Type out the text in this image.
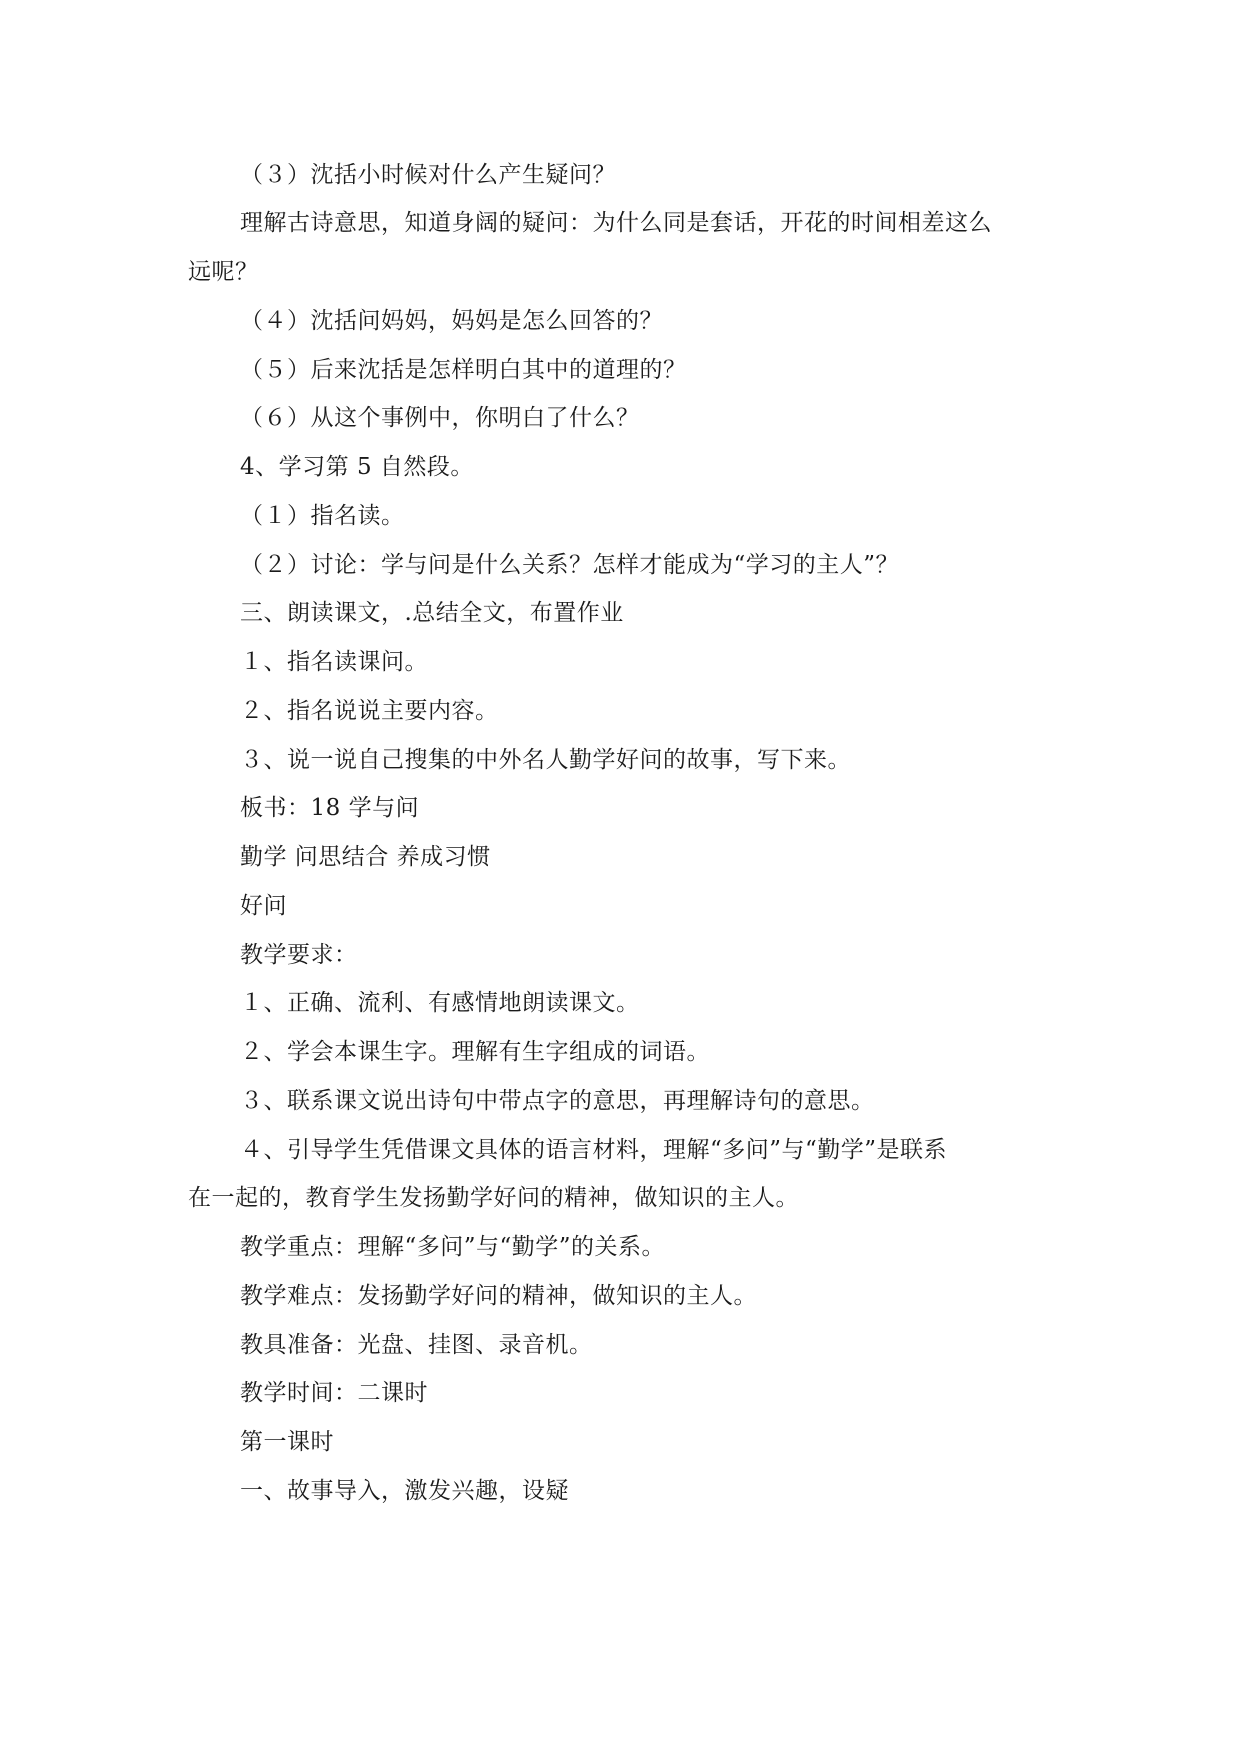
（３）沈括小时候对什么产生疑问？
理解古诗意思，知道身阔的疑问：为什么同是套话，开花的时间相差这么
远呢？
（４）沈括问妈妈，妈妈是怎么回答的？
（５）后来沈括是怎样明白其中的道理的？
（６）从这个事例中，你明白了什么？
4、学习第 5 自然段。
（１）指名读。
（２）讨论：学与问是什么关系？怎样才能成为“学习的主人”？
三、朗读课文，.总结全文，布置作业
１、指名读课问。
２、指名说说主要内容。
３、说一说自己搜集的中外名人勤学好问的故事，写下来。
板书：18 学与问
勤学 问思结合 养成习惯
好问
教学要求：
１、正确、流利、有感情地朗读课文。
２、学会本课生字。理解有生字组成的词语。
３、联系课文说出诗句中带点字的意思，再理解诗句的意思。
４、引导学生凭借课文具体的语言材料，理解“多问”与“勤学”是联系
在一起的，教育学生发扬勤学好问的精神，做知识的主人。
教学重点：理解“多问”与“勤学”的关系。
教学难点：发扬勤学好问的精神，做知识的主人。
教具准备：光盘、挂图、录音机。
教学时间：二课时
第一课时
一、故事导入，激发兴趣，设疑
